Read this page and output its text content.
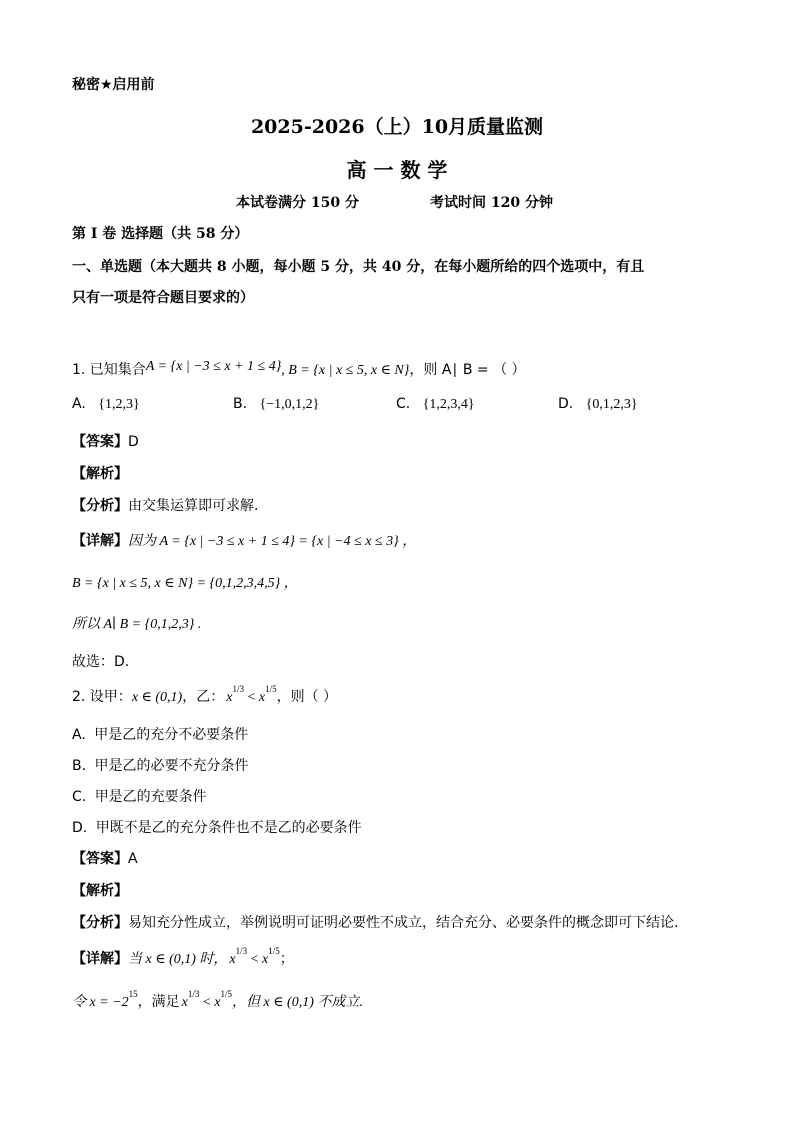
秘密★启用前
2025-2026（上）10月质量监测
高 一 数 学
本试卷满分 150 分	考试时间 120 分钟
第 I 卷 选择题（共 58 分）
一、单选题（本大题共 8 小题，每小题 5 分，共 40 分，在每小题所给的四个选项中，有且
只有一项是符合题目要求的）
1. 已知集合A = {x | −3 ≤ x + 1 ≤ 4}, B = {x | x ≤ 5, x ∈ N}，则 A∣ B = （ ）
A. {1,2,3}	B. {−1,0,1,2}	C. {1,2,3,4}	D. {0,1,2,3}
【答案】D
【解析】
【分析】由交集运算即可求解.
【详解】因为 A = {x | −3 ≤ x + 1 ≤ 4} = {x | −4 ≤ x ≤ 3} ，
B = {x | x ≤ 5, x ∈ N} = {0,1,2,3,4,5} ，
所以 A∣ B = {0,1,2,3} .
故选：D.
2. 设甲：x ∈ (0,1)，乙： $x^{1/3} < x^{1/5}$，则（ ）
A. 甲是乙的充分不必要条件
B. 甲是乙的必要不充分条件
C. 甲是乙的充要条件
D. 甲既不是乙的充分条件也不是乙的必要条件
【答案】A
【解析】
【分析】易知充分性成立，举例说明可证明必要性不成立，结合充分、必要条件的概念即可下结论.
【详解】当 x ∈ (0,1) 时， $x^{1/3} < x^{1/5}$；
令 $x = -2^{15}$，满足 $x^{1/3} < x^{1/5}$，但 x ∈ (0,1) 不成立.
